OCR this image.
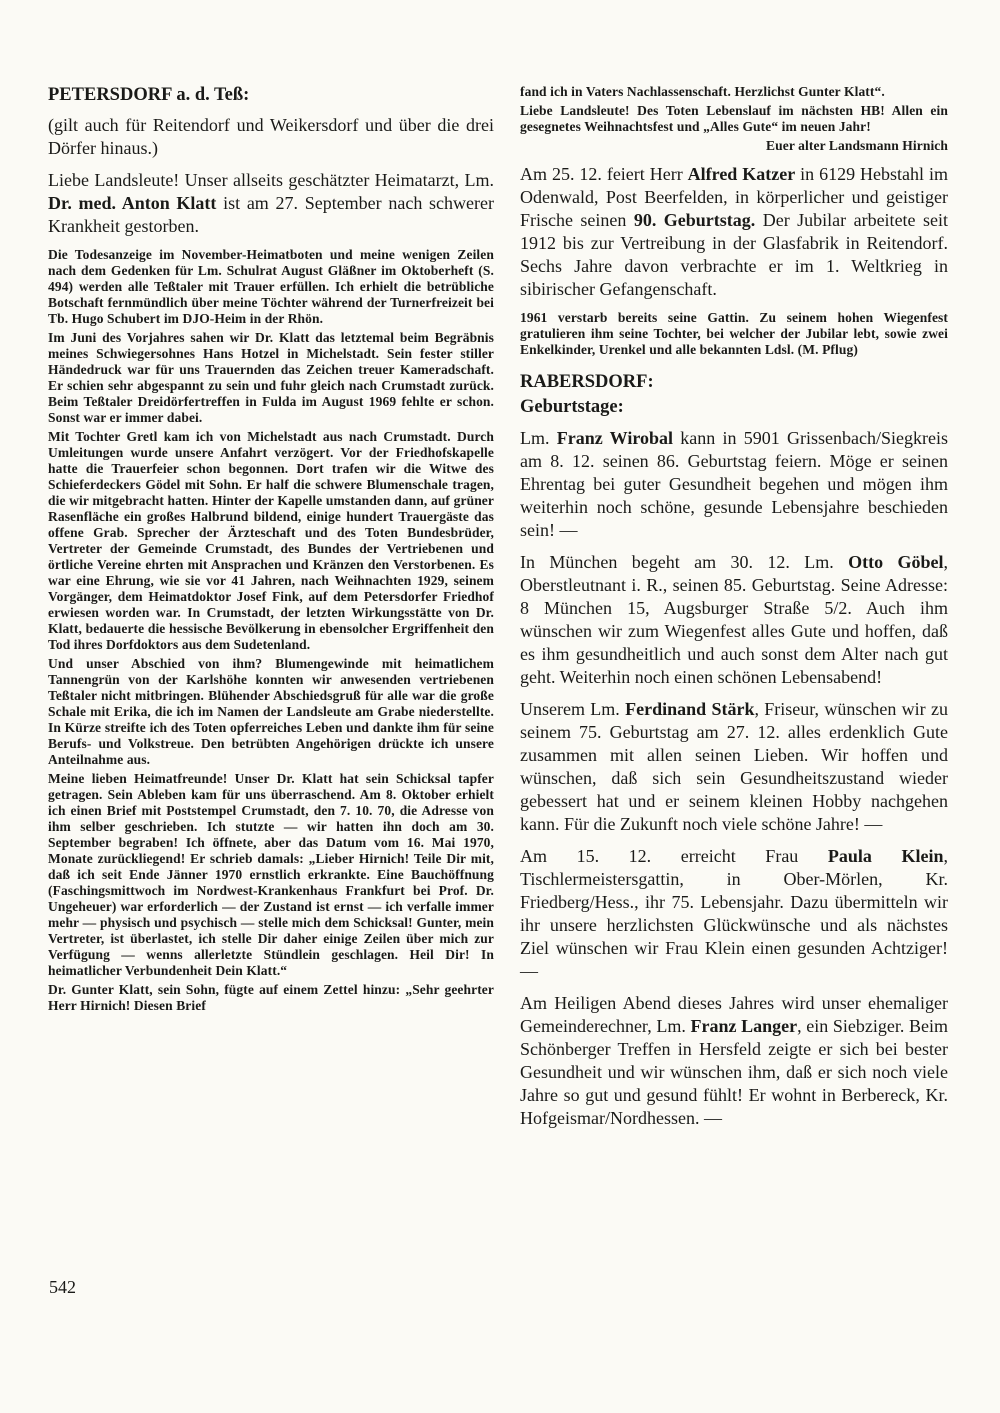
PETERSDORF a. d. Teß:

(gilt auch für Reitendorf und Weikersdorf und über die drei Dörfer hinaus.)

Liebe Landsleute! Unser allseits geschätzter Heimatarzt, Lm. Dr. med. Anton Klatt ist am 27. September nach schwerer Krankheit gestorben.

Die Todesanzeige im November-Heimatboten und meine wenigen Zeilen nach dem Gedenken für Lm. Schulrat August Gläßner im Oktoberheft (S. 494) werden alle Teßtaler mit Trauer erfüllen. Ich erhielt die betrübliche Botschaft fernmündlich über meine Töchter während der Turnerfreizeit bei Tb. Hugo Schubert im DJO-Heim in der Rhön.

Im Juni des Vorjahres sahen wir Dr. Klatt das letztemal beim Begräbnis meines Schwiegersohnes Hans Hotzel in Michelstadt. Sein fester stiller Händedruck war für uns Trauernden das Zeichen treuer Kameradschaft. Er schien sehr abgespannt zu sein und fuhr gleich nach Crumstadt zurück. Beim Teßtaler Dreidörfertreffen in Fulda im August 1969 fehlte er schon. Sonst war er immer dabei.

Mit Tochter Gretl kam ich von Michelstadt aus nach Crumstadt. Durch Umleitungen wurde unsere Anfahrt verzögert. Vor der Friedhofskapelle hatte die Trauerfeier schon begonnen. Dort trafen wir die Witwe des Schieferdeckers Gödel mit Sohn. Er half die schwere Blumenschale tragen, die wir mitgebracht hatten. Hinter der Kapelle umstanden dann, auf grüner Rasenfläche ein großes Halbrund bildend, einige hundert Trauergäste das offene Grab. Sprecher der Ärzteschaft und des Toten Bundesbrüder, Vertreter der Gemeinde Crumstadt, des Bundes der Vertriebenen und örtliche Vereine ehrten mit Ansprachen und Kränzen den Verstorbenen. Es war eine Ehrung, wie sie vor 41 Jahren, nach Weihnachten 1929, seinem Vorgänger, dem Heimatdoktor Josef Fink, auf dem Petersdorfer Friedhof erwiesen worden war. In Crumstadt, der letzten Wirkungsstätte von Dr. Klatt, bedauerte die hessische Bevölkerung in ebensolcher Ergriffenheit den Tod ihres Dorfdoktors aus dem Sudetenland.

Und unser Abschied von ihm? Blumengewinde mit heimatlichem Tannengrün von der Karlshöhe konnten wir anwesenden vertriebenen Teßtaler nicht mitbringen. Blühender Abschiedsgruß für alle war die große Schale mit Erika, die ich im Namen der Landsleute am Grabe niederstellte. In Kürze streifte ich des Toten opferreiches Leben und dankte ihm für seine Berufs- und Volkstreue. Den betrübten Angehörigen drückte ich unsere Anteilnahme aus.

Meine lieben Heimatfreunde! Unser Dr. Klatt hat sein Schicksal tapfer getragen. Sein Ableben kam für uns überraschend. Am 8. Oktober erhielt ich einen Brief mit Poststempel Crumstadt, den 7. 10. 70, die Adresse von ihm selber geschrieben. Ich stutzte — wir hatten ihn doch am 30. September begraben! Ich öffnete, aber das Datum vom 16. Mai 1970, Monate zurückliegend! Er schrieb damals: „Lieber Hirnich! Teile Dir mit, daß ich seit Ende Jänner 1970 ernstlich erkrankte. Eine Bauchöffnung (Faschingsmittwoch im Nordwest-Krankenhaus Frankfurt bei Prof. Dr. Ungeheuer) war erforderlich — der Zustand ist ernst — ich verfalle immer mehr — physisch und psychisch — stelle mich dem Schicksal! Gunter, mein Vertreter, ist überlastet, ich stelle Dir daher einige Zeilen über mich zur Verfügung — wenns allerletzte Stündlein geschlagen. Heil Dir! In heimatlicher Verbundenheit Dein Klatt.“

Dr. Gunter Klatt, sein Sohn, fügte auf einem Zettel hinzu: „Sehr geehrter Herr Hirnich! Diesen Brief

fand ich in Vaters Nachlassenschaft. Herzlichst Gunter Klatt“.

Liebe Landsleute! Des Toten Lebenslauf im nächsten HB! Allen ein gesegnetes Weihnachtsfest und „Alles Gute“ im neuen Jahr!

Euer alter Landsmann Hirnich

Am 25. 12. feiert Herr Alfred Katzer in 6129 Hebstahl im Odenwald, Post Beerfelden, in körperlicher und geistiger Frische seinen 90. Geburtstag. Der Jubilar arbeitete seit 1912 bis zur Vertreibung in der Glasfabrik in Reitendorf. Sechs Jahre davon verbrachte er im 1. Weltkrieg in sibirischer Gefangenschaft.

1961 verstarb bereits seine Gattin. Zu seinem hohen Wiegenfest gratulieren ihm seine Tochter, bei welcher der Jubilar lebt, sowie zwei Enkelkinder, Urenkel und alle bekannten Ldsl. (M. Pflug)

RABERSDORF:
Geburtstage:

Lm. Franz Wirobal kann in 5901 Grissenbach/Siegkreis am 8. 12. seinen 86. Geburtstag feiern. Möge er seinen Ehrentag bei guter Gesundheit begehen und mögen ihm weiterhin noch schöne, gesunde Lebensjahre beschieden sein! —

In München begeht am 30. 12. Lm. Otto Göbel, Oberstleutnant i. R., seinen 85. Geburtstag. Seine Adresse: 8 München 15, Augsburger Straße 5/2. Auch ihm wünschen wir zum Wiegenfest alles Gute und hoffen, daß es ihm gesundheitlich und auch sonst dem Alter nach gut geht. Weiterhin noch einen schönen Lebensabend!

Unserem Lm. Ferdinand Stärk, Friseur, wünschen wir zu seinem 75. Geburtstag am 27. 12. alles erdenklich Gute zusammen mit allen seinen Lieben. Wir hoffen und wünschen, daß sich sein Gesundheitszustand wieder gebessert hat und er seinem kleinen Hobby nachgehen kann. Für die Zukunft noch viele schöne Jahre! —

Am 15. 12. erreicht Frau Paula Klein, Tischlermeistersgattin, in Ober-Mörlen, Kr. Friedberg/Hess., ihr 75. Lebensjahr. Dazu übermitteln wir ihr unsere herzlichsten Glückwünsche und als nächstes Ziel wünschen wir Frau Klein einen gesunden Achtziger! —

Am Heiligen Abend dieses Jahres wird unser ehemaliger Gemeinderechner, Lm. Franz Langer, ein Siebziger. Beim Schönberger Treffen in Hersfeld zeigte er sich bei bester Gesundheit und wir wünschen ihm, daß er sich noch viele Jahre so gut und gesund fühlt! Er wohnt in Berbereck, Kr. Hofgeismar/Nordhessen. —

542
